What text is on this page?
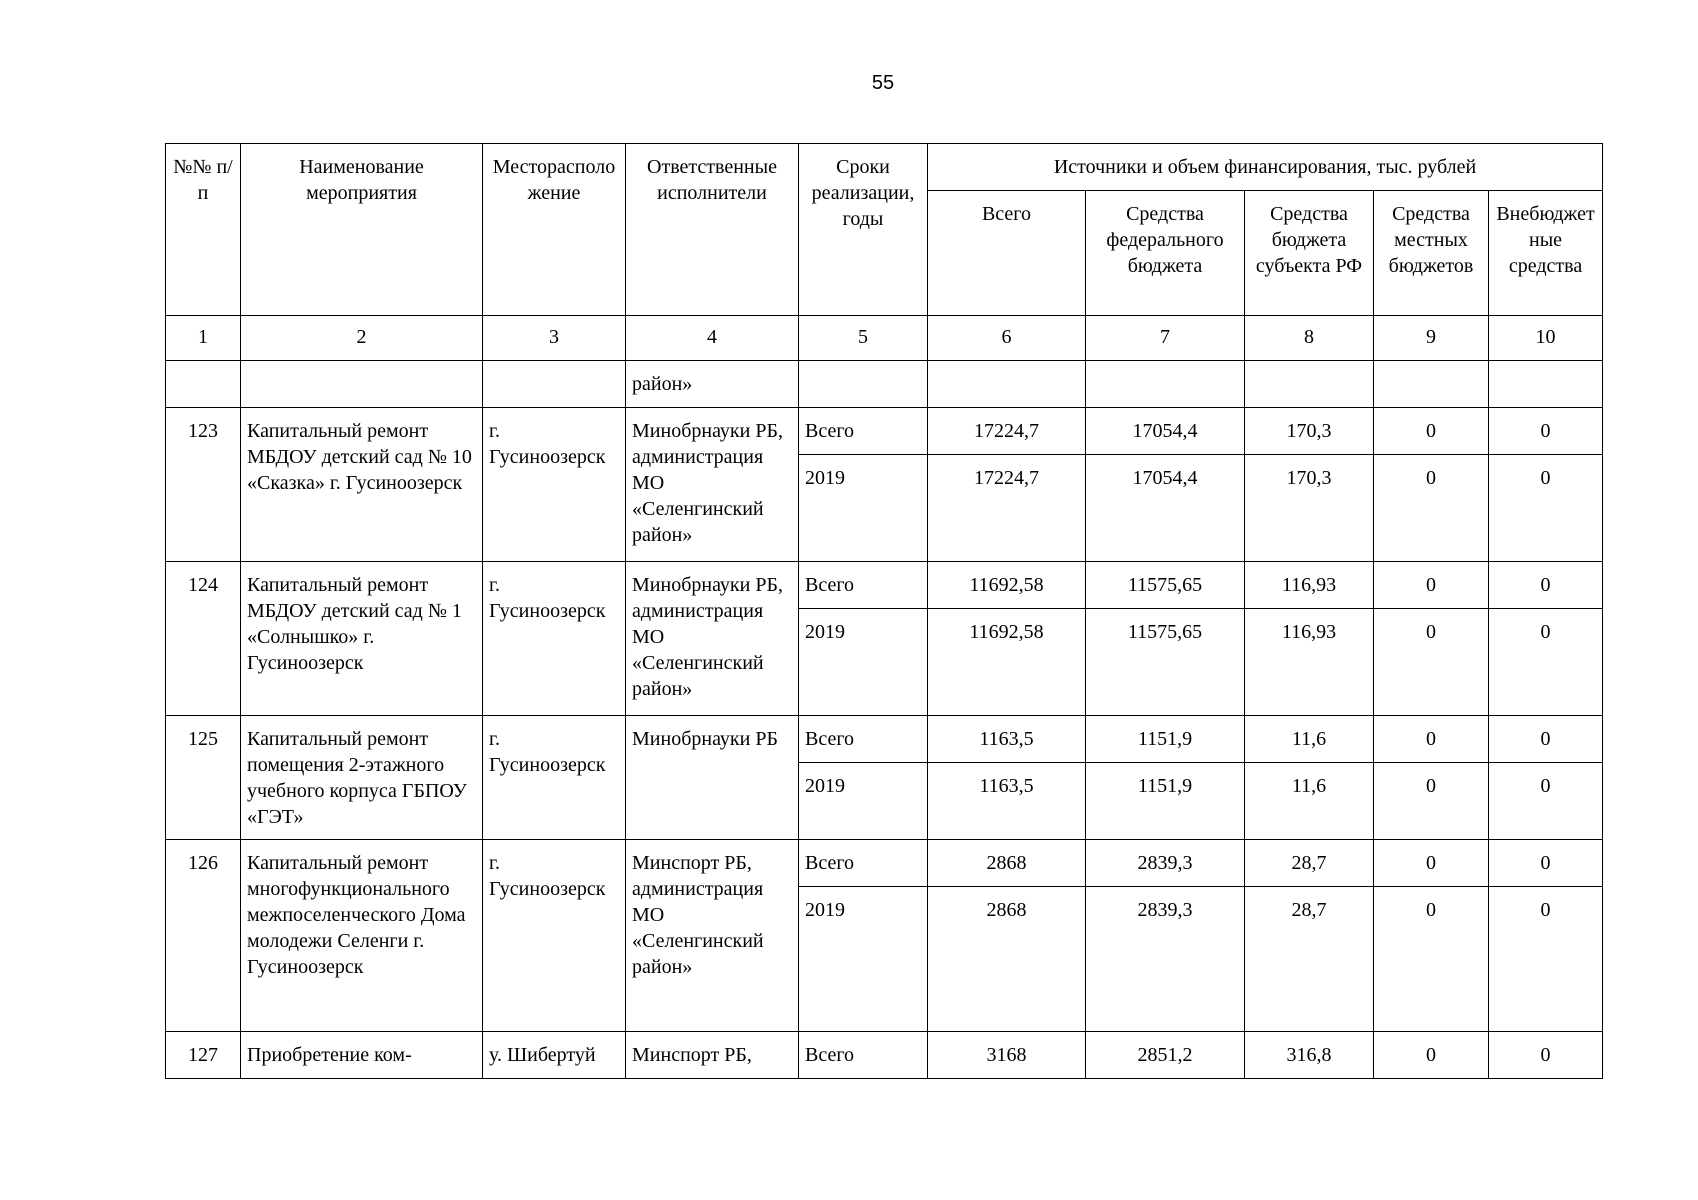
55
№№ п/п	Наименование мероприятия	Месторасположение	Ответственные исполнители	Сроки реализации, годы	Источники и объем финансирования, тыс. рублей				
					Всего	Средства федерального бюджета	Средства бюджета субъекта РФ	Средства местных бюджетов	Внебюджетные средства
1	2	3	4	5	6	7	8	9	10
			район»						
123	Капитальный ремонт МБДОУ детский сад № 10 «Сказка» г. Гусиноозерск	г. Гусиноозерск	Минобрнауки РБ, администрация МО «Селенгинский район»	Всего	17224,7	17054,4	170,3	0	0
				2019	17224,7	17054,4	170,3	0	0
124	Капитальный ремонт МБДОУ детский сад № 1 «Солнышко» г. Гусиноозерск	г. Гусиноозерск	Минобрнауки РБ, администрация МО «Селенгинский район»	Всего	11692,58	11575,65	116,93	0	0
				2019	11692,58	11575,65	116,93	0	0
125	Капитальный ремонт помещения 2-этажного учебного корпуса ГБПОУ «ГЭТ»	г. Гусиноозерск	Минобрнауки РБ	Всего	1163,5	1151,9	11,6	0	0
				2019	1163,5	1151,9	11,6	0	0
126	Капитальный ремонт многофункционального межпоселенческого Дома молодежи Селенги г. Гусиноозерск	г. Гусиноозерск	Минспорт РБ, администрация МО «Селенгинский район»	Всего	2868	2839,3	28,7	0	0
				2019	2868	2839,3	28,7	0	0
127	Приобретение ком-	у. Шибертуй	Минспорт РБ,	Всего	3168	2851,2	316,8	0	0
